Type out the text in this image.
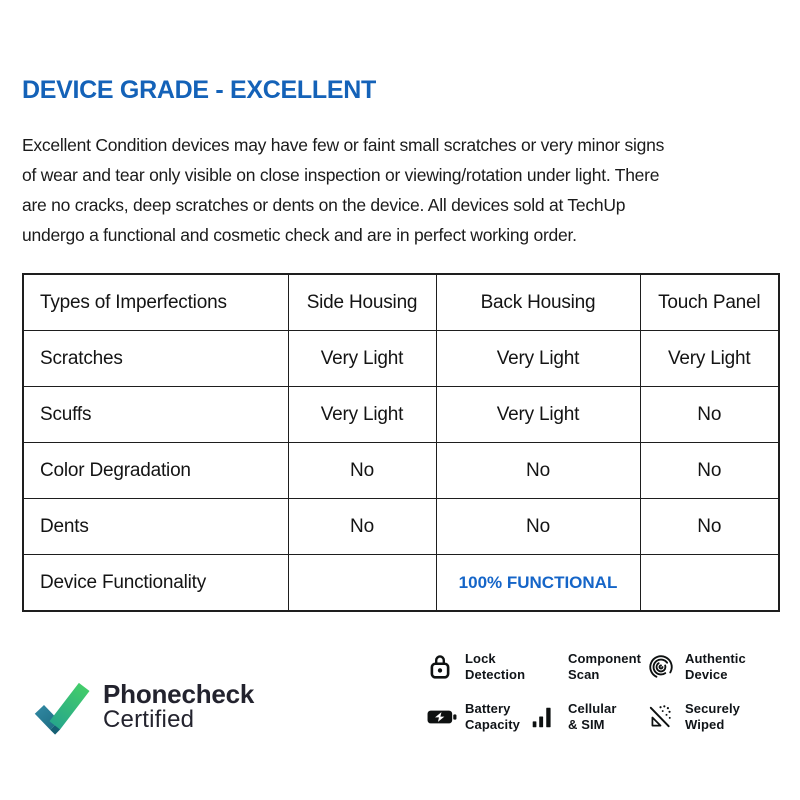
DEVICE GRADE - EXCELLENT
Excellent Condition devices may have few or faint small scratches or very minor signs
of wear and tear only visible on close inspection or viewing/rotation under light. There
are no cracks, deep scratches or dents on the device. All devices sold at TechUp
undergo a functional and cosmetic check and are in perfect working order.
Types of Imperfections	Side Housing	Back Housing	Touch Panel
Scratches	Very Light	Very Light	Very Light
Scuffs	Very Light	Very Light	No
Color Degradation	No	No	No
Dents	No	No	No
Device Functionality		100% FUNCTIONAL	
Phonecheck
Certified
Lock
Detection
Component
Scan
Authentic
Device
Battery
Capacity
Cellular
& SIM
Securely
Wiped
